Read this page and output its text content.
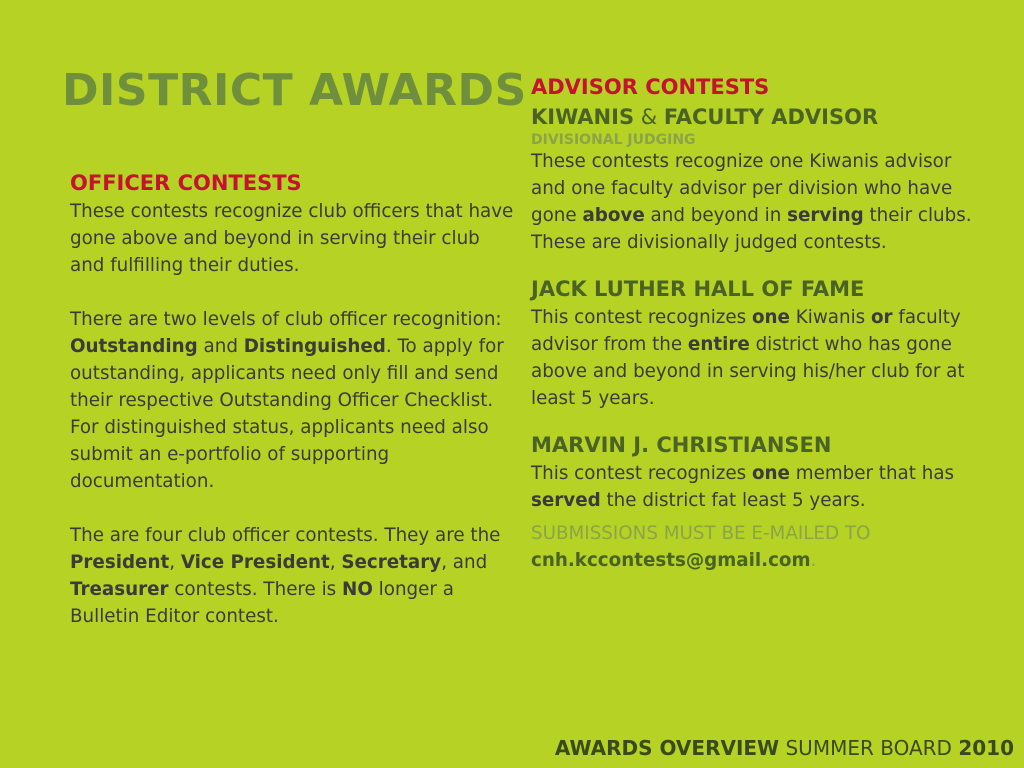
DISTRICT AWARDS
OFFICER CONTESTS

These contests recognize club officers that have gone above and beyond in serving their club and fulfilling their duties.

There are two levels of club officer recognition: Outstanding and Distinguished. To apply for outstanding, applicants need only fill and send their respective Outstanding Officer Checklist. For distinguished status, applicants need also submit an e-portfolio of supporting documentation.

The are four club officer contests. They are the President, Vice President, Secretary, and Treasurer contests. There is NO longer a Bulletin Editor contest.

ADVISOR CONTESTS
KIWANIS & FACULTY ADVISOR
DIVISIONAL JUDGING

These contests recognize one Kiwanis advisor and one faculty advisor per division who have gone above and beyond in serving their clubs. These are divisionally judged contests.

JACK LUTHER HALL OF FAME

This contest recognizes one Kiwanis or faculty advisor from the entire district who has gone above and beyond in serving his/her club for at least 5 years.

MARVIN J. CHRISTIANSEN

This contest recognizes one member that has served the district fat least 5 years.

SUBMISSIONS MUST BE E-MAILED TO
cnh.kccontests@gmail.com.
AWARDS OVERVIEW SUMMER BOARD 2010
